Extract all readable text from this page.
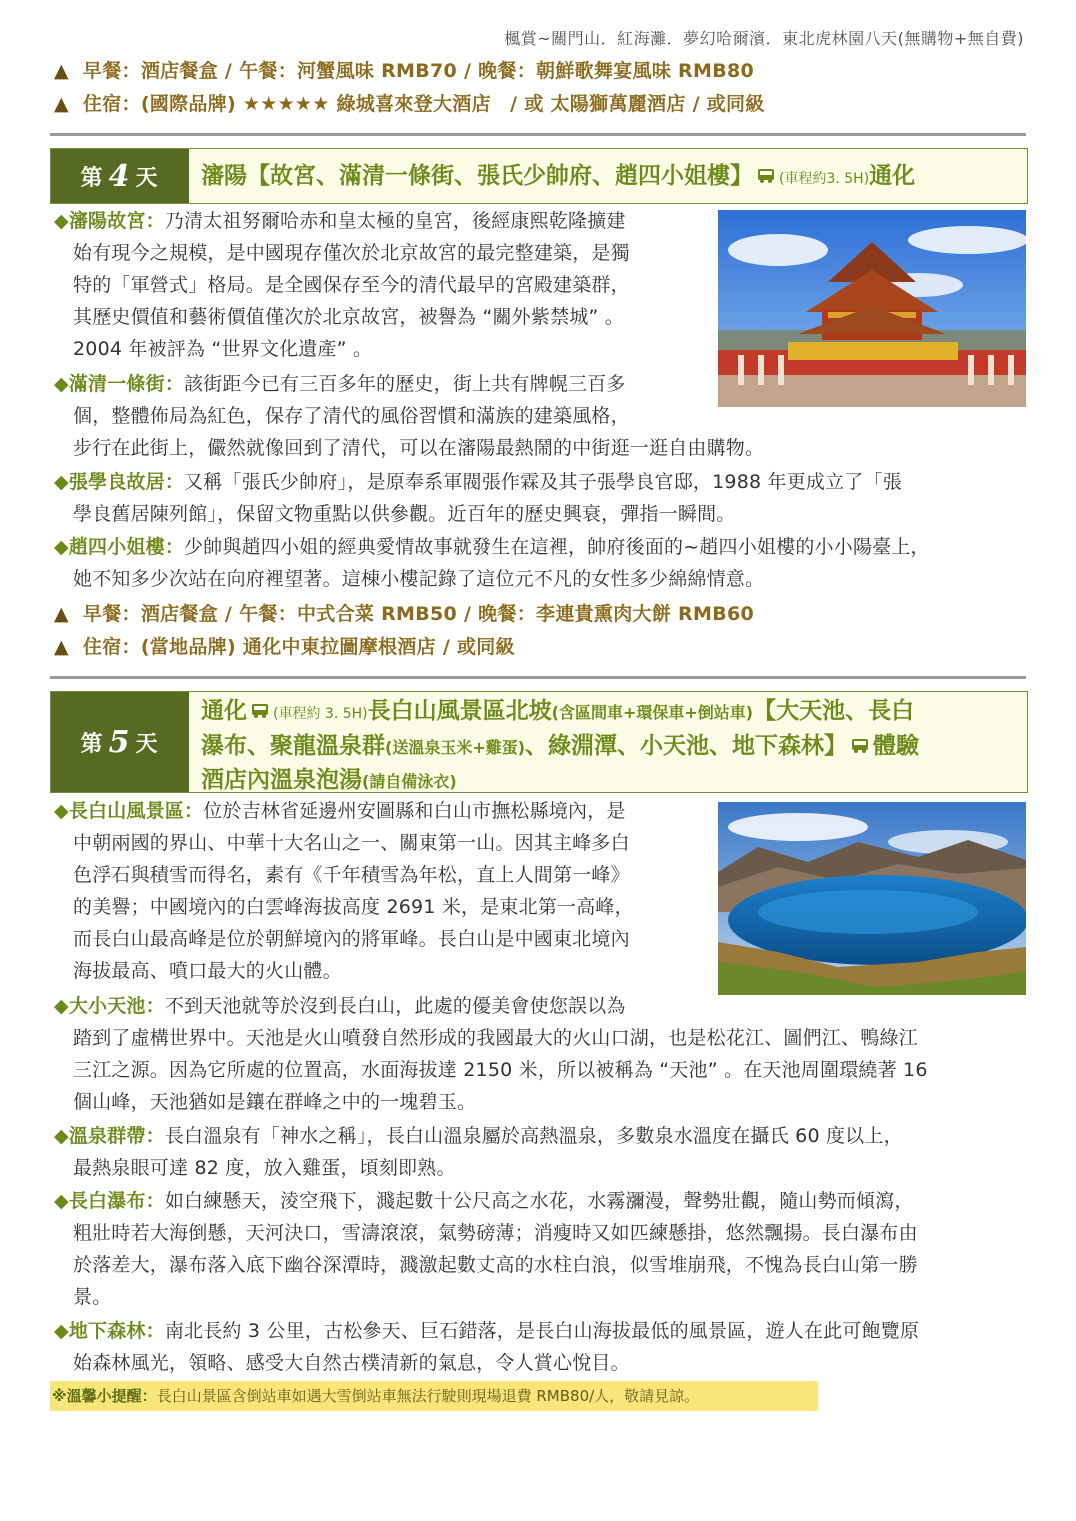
楓賞~關門山．紅海灘．夢幻哈爾濱．東北虎林園八天(無購物+無自費)
▲ 早餐：酒店餐盒 / 午餐：河蟹風味 RMB70 / 晚餐：朝鮮歌舞宴風味 RMB80
▲ 住宿：(國際品牌) ★★★★★ 綠城喜來登大酒店　/ 或 太陽獅萬麗酒店 / 或同級
第 4 天 瀋陽【故宮、滿清一條街、張氏少帥府、趙四小姐樓】 (車程約3. 5H)通化
◆瀋陽故宮：乃清太祖努爾哈赤和皇太極的皇宮，後經康熙乾隆擴建
始有現今之規模，是中國現存僅次於北京故宮的最完整建築，是獨
特的「軍營式」格局。是全國保存至今的清代最早的宮殿建築群，
其歷史價值和藝術價值僅次於北京故宮，被譽為 “關外紫禁城” 。
2004 年被評為 “世界文化遺產” 。
◆滿清一條街：該街距今已有三百多年的歷史，街上共有牌幌三百多
個，整體佈局為紅色，保存了清代的風俗習慣和滿族的建築風格，
步行在此街上，儼然就像回到了清代，可以在瀋陽最熱鬧的中街逛一逛自由購物。
◆張學良故居：又稱「張氏少帥府」，是原奉系軍閥張作霖及其子張學良官邸，1988 年更成立了「張
學良舊居陳列館」，保留文物重點以供參觀。近百年的歷史興衰，彈指一瞬間。
◆趙四小姐樓：少帥與趙四小姐的經典愛情故事就發生在這裡，帥府後面的~趙四小姐樓的小小陽臺上，
她不知多少次站在向府裡望著。這棟小樓記錄了這位元不凡的女性多少綿綿情意。
▲ 早餐：酒店餐盒 / 午餐：中式合菜 RMB50 / 晚餐：李連貴熏肉大餅 RMB60
▲ 住宿：(當地品牌) 通化中東拉圖摩根酒店 / 或同級
第 5 天
通化 (車程約 3. 5H)長白山風景區北坡(含區間車+環保車+倒站車)【大天池、長白
瀑布、聚龍溫泉群(送溫泉玉米+雞蛋)、綠淵潭、小天池、地下森林】 體驗
酒店內溫泉泡湯(請自備泳衣)
◆長白山風景區：位於吉林省延邊州安圖縣和白山市撫松縣境內，是
中朝兩國的界山、中華十大名山之一、關東第一山。因其主峰多白
色浮石與積雪而得名，素有《千年積雪為年松，直上人間第一峰》
的美譽；中國境內的白雲峰海拔高度 2691 米，是東北第一高峰，
而長白山最高峰是位於朝鮮境內的將軍峰。長白山是中國東北境內
海拔最高、噴口最大的火山體。
◆大小天池：不到天池就等於沒到長白山，此處的優美會使您誤以為
踏到了虛構世界中。天池是火山噴發自然形成的我國最大的火山口湖，也是松花江、圖們江、鴨綠江
三江之源。因為它所處的位置高，水面海拔達 2150 米，所以被稱為 “天池” 。在天池周圍環繞著 16
個山峰，天池猶如是鑲在群峰之中的一塊碧玉。
◆溫泉群帶：長白溫泉有「神水之稱」，長白山溫泉屬於高熱溫泉，多數泉水溫度在攝氏 60 度以上，
最熱泉眼可達 82 度，放入雞蛋，頃刻即熟。
◆長白瀑布：如白練懸天，淩空飛下，濺起數十公尺高之水花，水霧瀰漫，聲勢壯觀，隨山勢而傾瀉，
粗壯時若大海倒懸，天河決口，雪濤滾滾，氣勢磅薄；消瘦時又如匹練懸掛，悠然飄揚。長白瀑布由
於落差大，瀑布落入底下幽谷深潭時，濺激起數丈高的水柱白浪，似雪堆崩飛，不愧為長白山第一勝
景。
◆地下森林：南北長約 3 公里，古松參天、巨石錯落，是長白山海拔最低的風景區，遊人在此可飽覽原
始森林風光，領略、感受大自然古樸清新的氣息，令人賞心悅目。
※溫馨小提醒：長白山景區含倒站車如遇大雪倒站車無法行駛則現場退費 RMB80/人，敬請見諒。
